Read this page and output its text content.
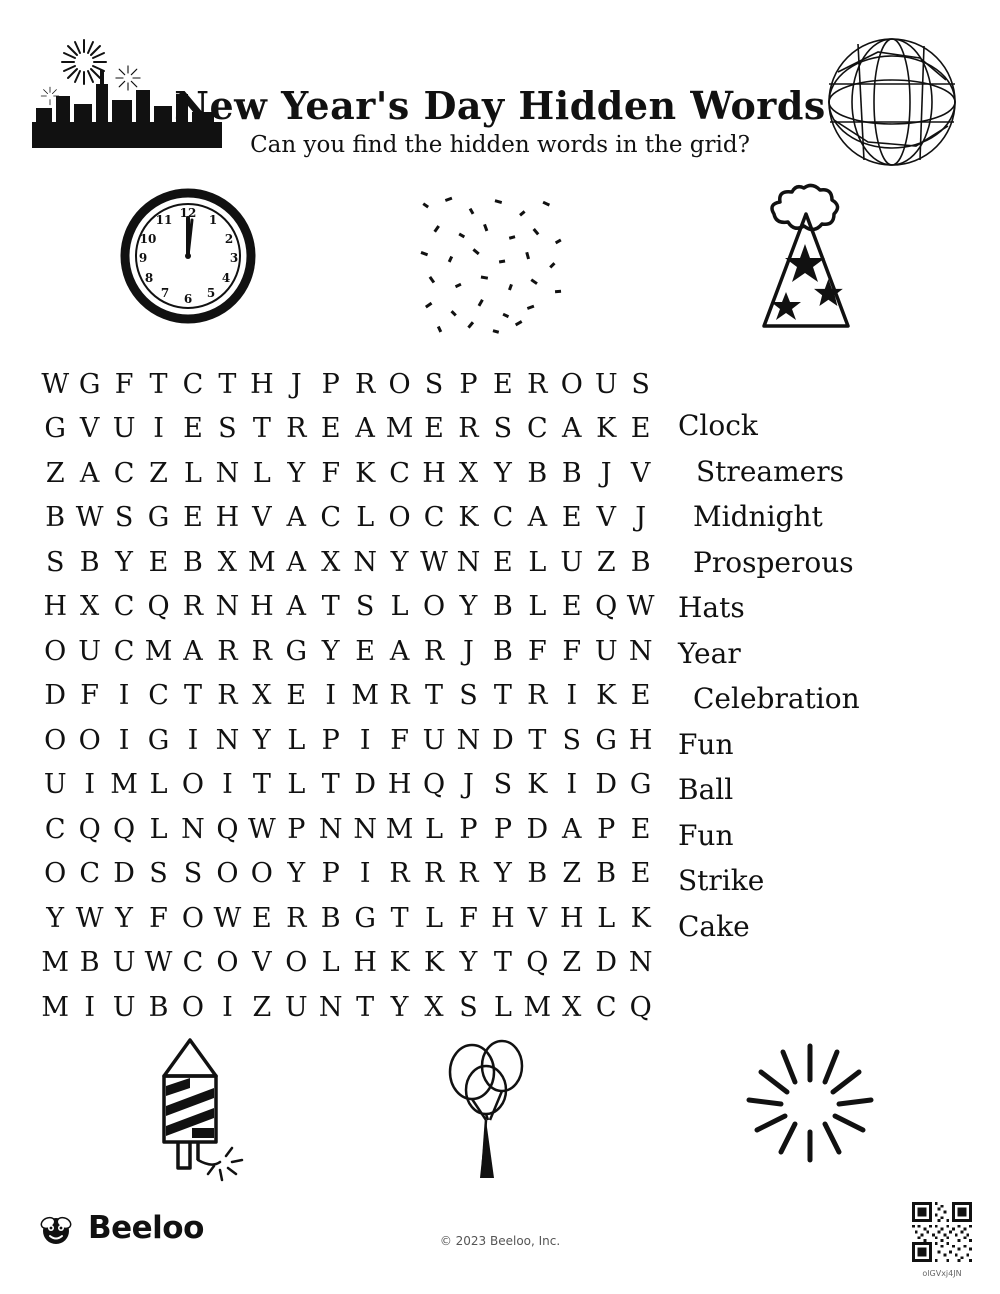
New Year's Day Hidden Words
Can you find the hidden words in the grid?
12 1
2
3
4
5
6
7
8
9
10
11
W G F T C T H J P R O S P E R O U S
G V U I E S T R E A M E R S C A K E
Z A C Z L N L Y F K C H X Y B B J V
B W S G E H V A C L O C K C A E V J
S B Y E B X M A X N Y W N E L U Z B
H X C Q R N H A T S L O Y B L E Q W
O U C M A R R G Y E A R J B F F U N
D F I C T R X E I M R T S T R I K E
O O I G I N Y L P I F U N D T S G H
U I M L O I T L T D H Q J S K I D G
C Q Q L N Q W P N N M L P P D A P E
O C D S S O O Y P I R R R Y B Z B E
Y W Y F O W E R B G T L F H V H L K
M B U W C O V O L H K K Y T Q Z D N
M I U B O I Z U N T Y X S L M X C Q
Clock
Streamers
Midnight
Prosperous
Hats
Year
Celebration
Fun
Ball
Fun
Strike
Cake
Beeloo	© 2023 Beeloo, Inc.
olGVxj4JN
